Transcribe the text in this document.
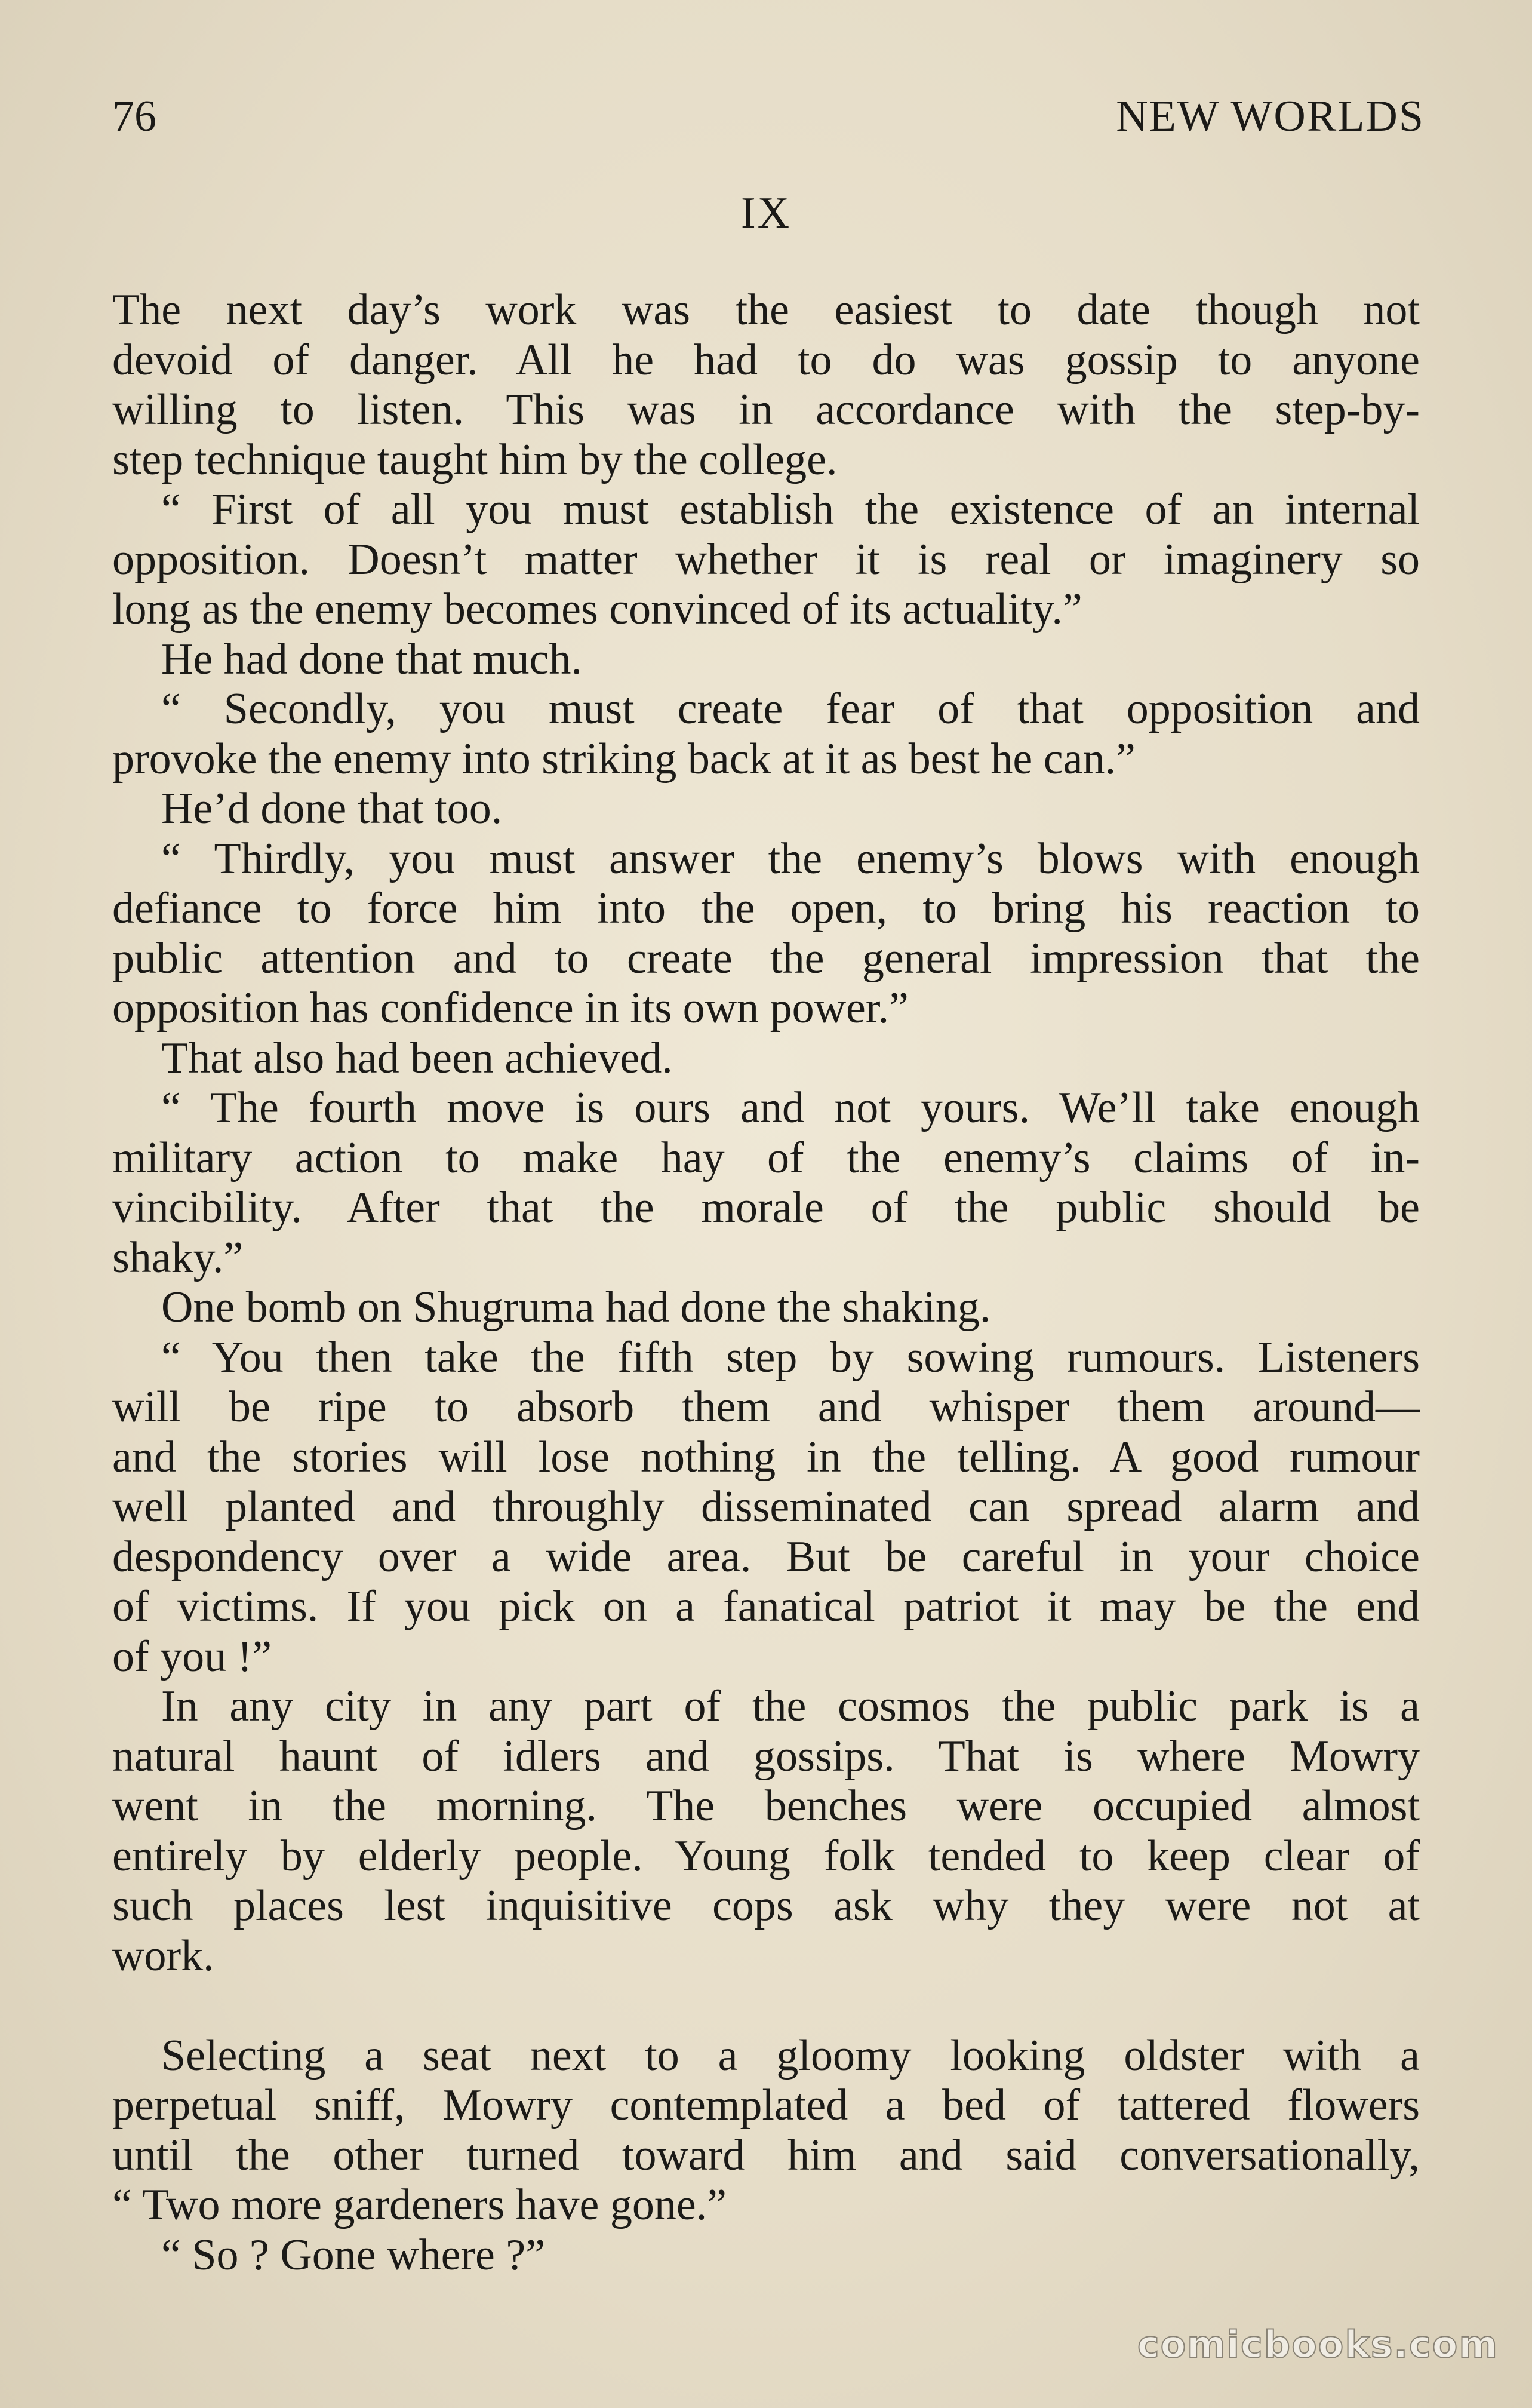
76	NEW WORLDS
IX
The next day’s work was the easiest to date though not
devoid of danger. All he had to do was gossip to anyone
willing to listen. This was in accordance with the step-by-
step technique taught him by the college.
“ First of all you must establish the existence of an internal
opposition. Doesn’t matter whether it is real or imaginery so
long as the enemy becomes convinced of its actuality.”
He had done that much.
“ Secondly, you must create fear of that opposition and
provoke the enemy into striking back at it as best he can.”
He’d done that too.
“ Thirdly, you must answer the enemy’s blows with enough
defiance to force him into the open, to bring his reaction to
public attention and to create the general impression that the
opposition has confidence in its own power.”
That also had been achieved.
“ The fourth move is ours and not yours. We’ll take enough
military action to make hay of the enemy’s claims of in-
vincibility. After that the morale of the public should be
shaky.”
One bomb on Shugruma had done the shaking.
“ You then take the fifth step by sowing rumours. Listeners
will be ripe to absorb them and whisper them around—
and the stories will lose nothing in the telling. A good rumour
well planted and throughly disseminated can spread alarm and
despondency over a wide area. But be careful in your choice
of victims. If you pick on a fanatical patriot it may be the end
of you !”
In any city in any part of the cosmos the public park is a
natural haunt of idlers and gossips. That is where Mowry
went in the morning. The benches were occupied almost
entirely by elderly people. Young folk tended to keep clear of
such places lest inquisitive cops ask why they were not at
work.
Selecting a seat next to a gloomy looking oldster with a
perpetual sniff, Mowry contemplated a bed of tattered flowers
until the other turned toward him and said conversationally,
“ Two more gardeners have gone.”
“ So ? Gone where ?”
comicbooks.com
